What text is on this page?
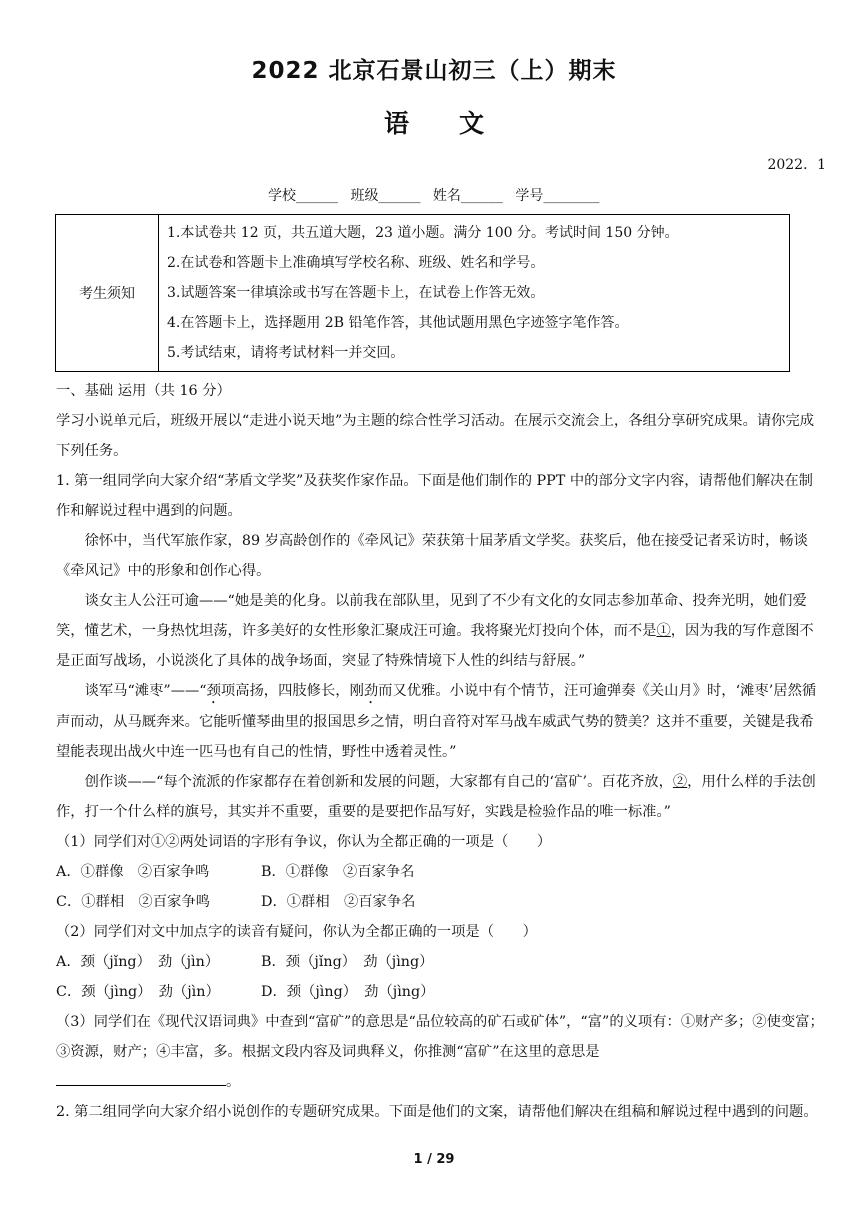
2022 北京石景山初三（上）期末
语　　文
2022．1
学校______ 班级______ 姓名______ 学号________
考生须知	
1.本试卷共 12 页，共五道大题，23 道小题。满分 100 分。考试时间 150 分钟。
2.在试卷和答题卡上准确填写学校名称、班级、姓名和学号。
3.试题答案一律填涂或书写在答题卡上，在试卷上作答无效。
4.在答题卡上，选择题用 2B 铅笔作答，其他试题用黑色字迹签字笔作答。
5.考试结束，请将考试材料一并交回。

一、基础 运用（共 16 分）

学习小说单元后，班级开展以“走进小说天地”为主题的综合性学习活动。在展示交流会上，各组分享研究成果。请你完成下列任务。

1. 第一组同学向大家介绍“茅盾文学奖”及获奖作家作品。下面是他们制作的 PPT 中的部分文字内容，请帮他们解决在制作和解说过程中遇到的问题。

徐怀中，当代军旅作家，89 岁高龄创作的《牵风记》荣获第十届茅盾文学奖。获奖后，他在接受记者采访时，畅谈《牵风记》中的形象和创作心得。

谈女主人公汪可逾——“她是美的化身。以前我在部队里，见到了不少有文化的女同志参加革命、投奔光明，她们爱笑，懂艺术，一身热忱坦荡，许多美好的女性形象汇聚成汪可逾。我将聚光灯投向个体，而不是①，因为我的写作意图不是正面写战场，小说淡化了具体的战争场面，突显了特殊情境下人性的纠结与舒展。”

谈军马“滩枣”——“颈项高扬，四肢修长，刚劲而又优雅。小说中有个情节，汪可逾弹奏《关山月》时，‘滩枣’居然循声而动，从马厩奔来。它能听懂琴曲里的报国思乡之情，明白音符对军马战车威武气势的赞美？这并不重要，关键是我希望能表现出战火中连一匹马也有自己的性情，野性中透着灵性。”

创作谈——“每个流派的作家都存在着创新和发展的问题，大家都有自己的‘富矿’。百花齐放，②，用什么样的手法创作，打一个什么样的旗号，其实并不重要，重要的是要把作品写好，实践是检验作品的唯一标准。”

（1）同学们对①②两处词语的字形有争议，你认为全都正确的一项是（　　）

A．①群像　②百家争鸣	B．①群像　②百家争名
C．①群相　②百家争鸣	D．①群相　②百家争名

（2）同学们对文中加点字的读音有疑问，你认为全都正确的一项是（　　）

A．颈（jǐng）　劲（jìn）	B．颈（jǐng）　劲（jìng）
C．颈（jìng）　劲（jìn）	D．颈（jìng）　劲（jìng）

（3）同学们在《现代汉语词典》中查到“富矿”的意思是“品位较高的矿石或矿体”，“富”的义项有：①财产多；②使变富；③资源，财产；④丰富，多。根据文段内容及词典释义，你推测“富矿”在这里的意思是

。

2. 第二组同学向大家介绍小说创作的专题研究成果。下面是他们的文案，请帮他们解决在组稿和解说过程中遇到的问题。

1 / 29
